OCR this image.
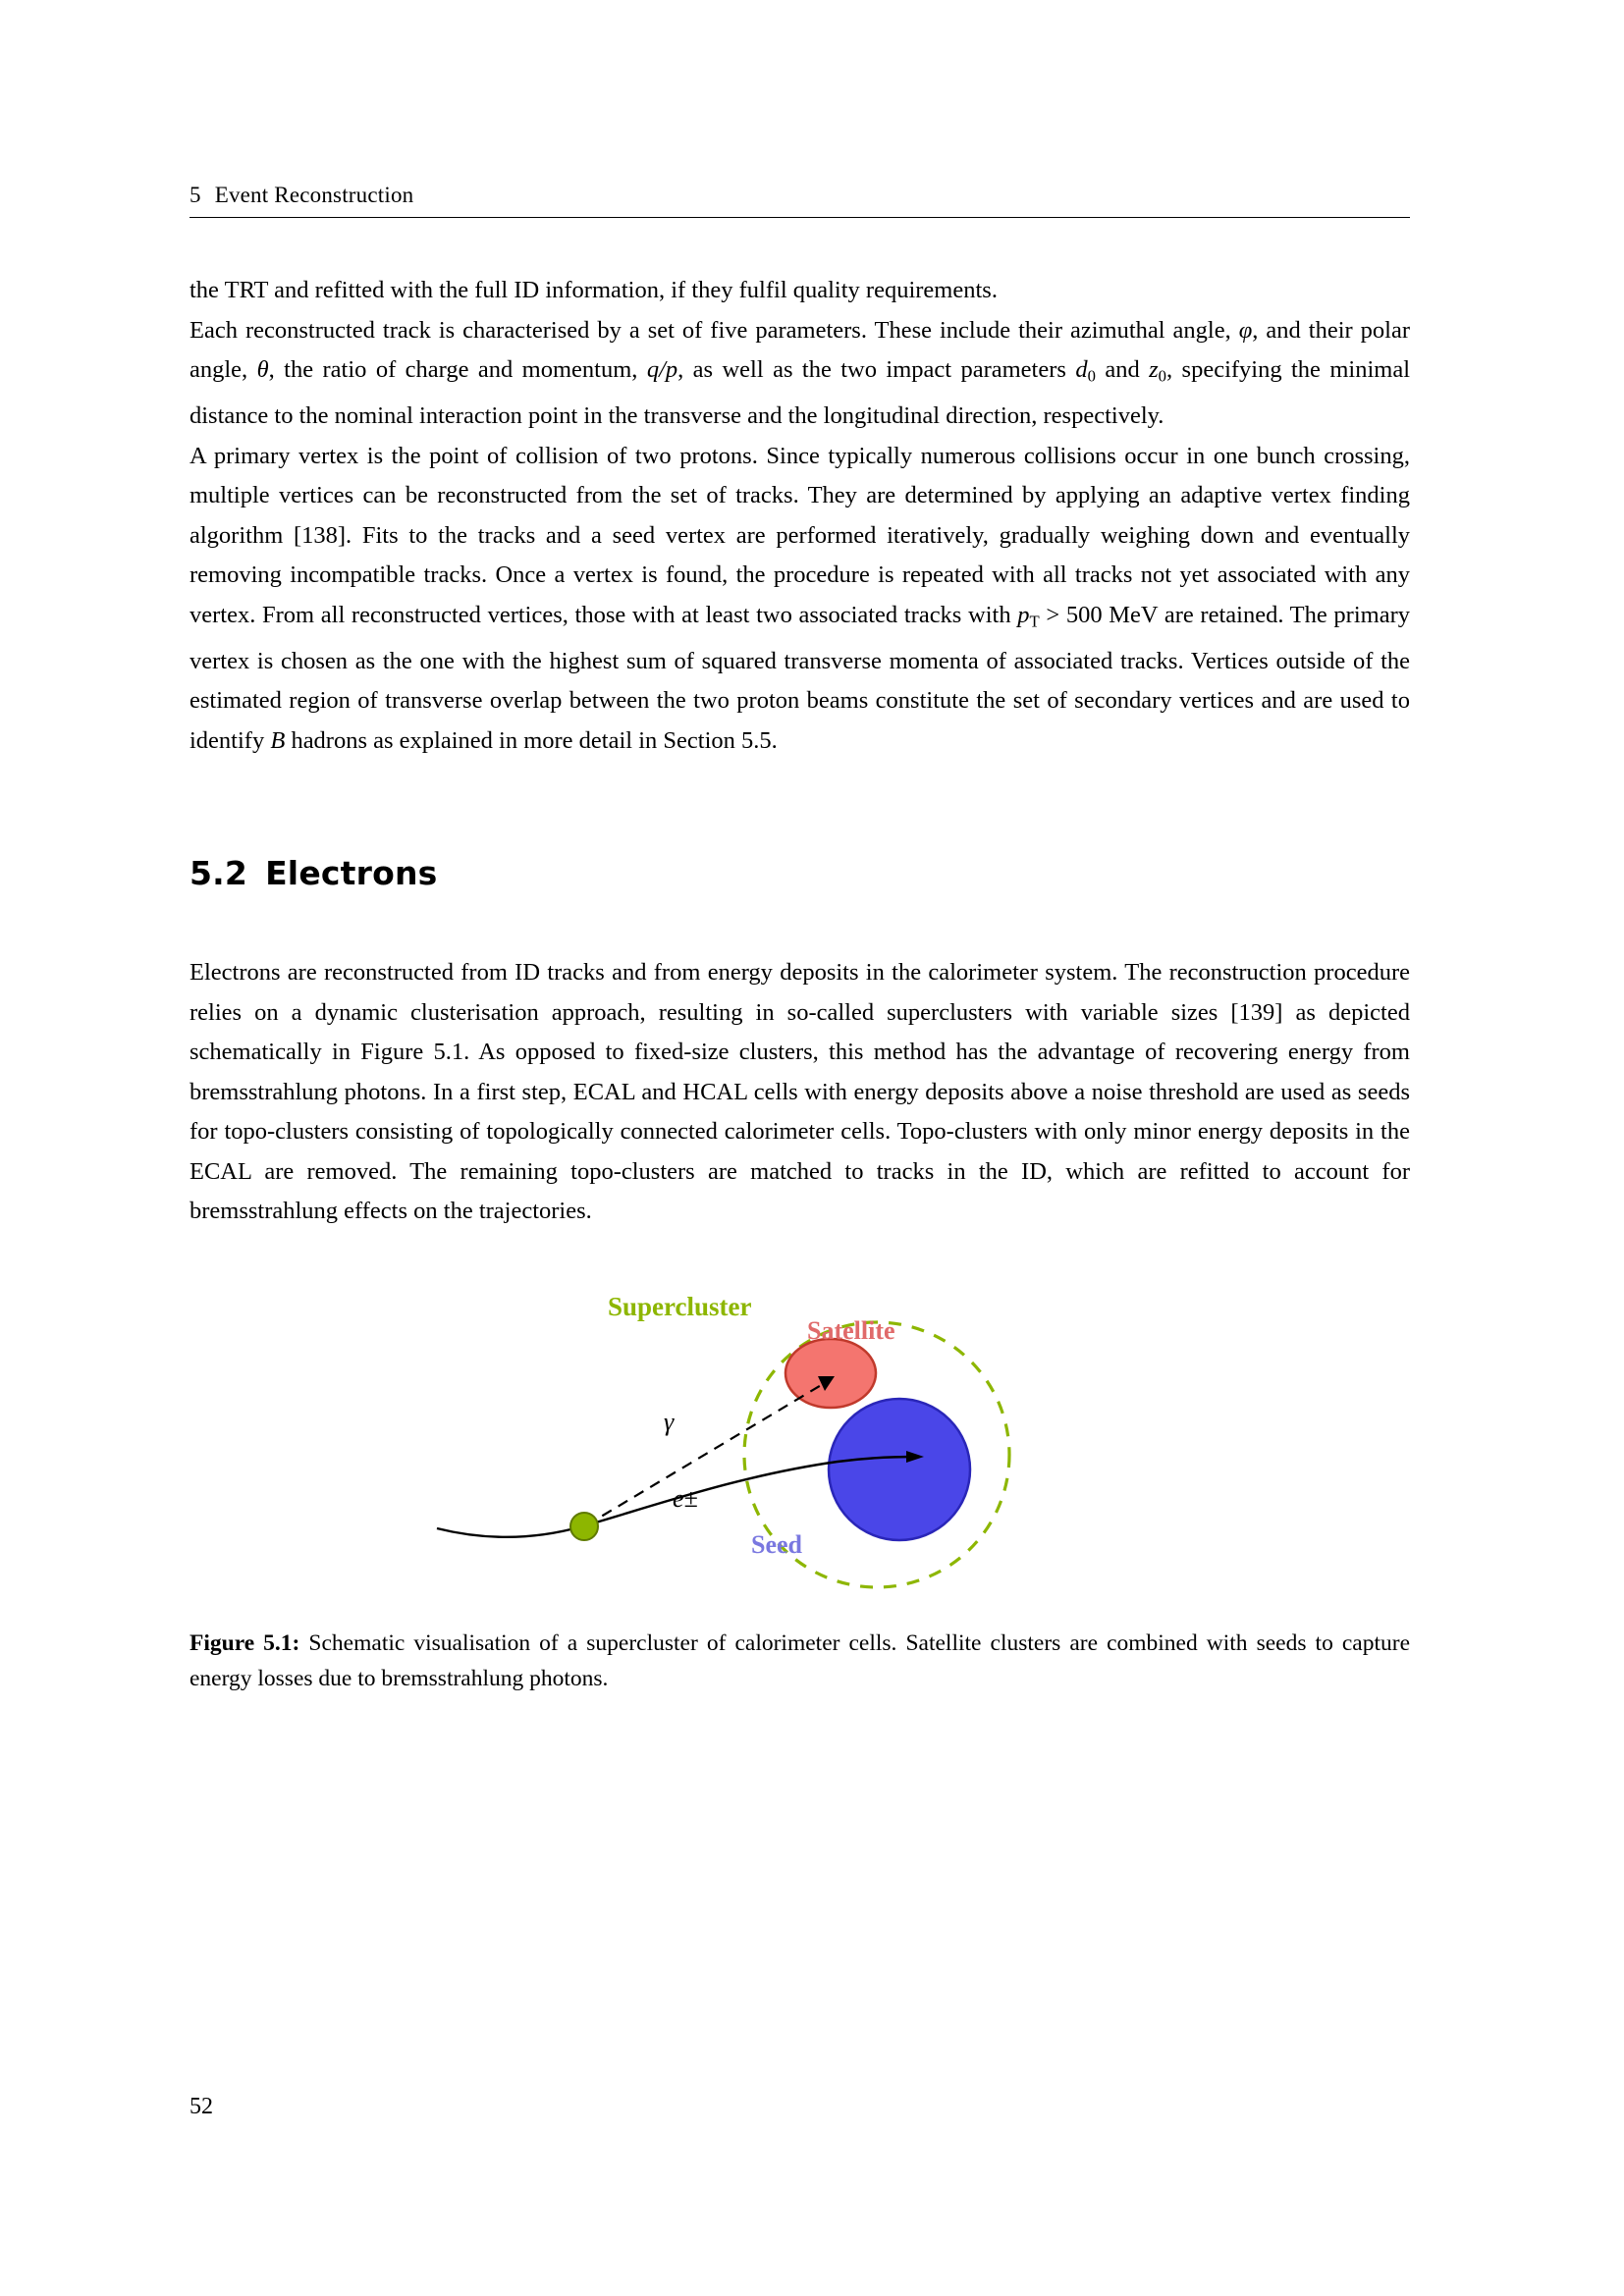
5 Event Reconstruction

the TRT and refitted with the full ID information, if they fulfil quality requirements.

Each reconstructed track is characterised by a set of five parameters. These include their azimuthal angle, φ, and their polar angle, θ, the ratio of charge and momentum, q/p, as well as the two impact parameters d0 and z0, specifying the minimal distance to the nominal interaction point in the transverse and the longitudinal direction, respectively.

A primary vertex is the point of collision of two protons. Since typically numerous collisions occur in one bunch crossing, multiple vertices can be reconstructed from the set of tracks. They are determined by applying an adaptive vertex finding algorithm [138]. Fits to the tracks and a seed vertex are performed iteratively, gradually weighing down and eventually removing incompatible tracks. Once a vertex is found, the procedure is repeated with all tracks not yet associated with any vertex. From all reconstructed vertices, those with at least two associated tracks with pT > 500 MeV are retained. The primary vertex is chosen as the one with the highest sum of squared transverse momenta of associated tracks. Vertices outside of the estimated region of transverse overlap between the two proton beams constitute the set of secondary vertices and are used to identify B hadrons as explained in more detail in Section 5.5.

5.2 Electrons

Electrons are reconstructed from ID tracks and from energy deposits in the calorimeter system. The reconstruction procedure relies on a dynamic clusterisation approach, resulting in so-called superclusters with variable sizes [139] as depicted schematically in Figure 5.1. As opposed to fixed-size clusters, this method has the advantage of recovering energy from bremsstrahlung photons. In a first step, ECAL and HCAL cells with energy deposits above a noise threshold are used as seeds for topo-clusters consisting of topologically connected calorimeter cells. Topo-clusters with only minor energy deposits in the ECAL are removed. The remaining topo-clusters are matched to tracks in the ID, which are refitted to account for bremsstrahlung effects on the trajectories.

Supercluster
Satellite
Seed
γ
e±
Figure 5.1: Schematic visualisation of a supercluster of calorimeter cells. Satellite clusters are combined with seeds to capture energy losses due to bremsstrahlung photons.
52
